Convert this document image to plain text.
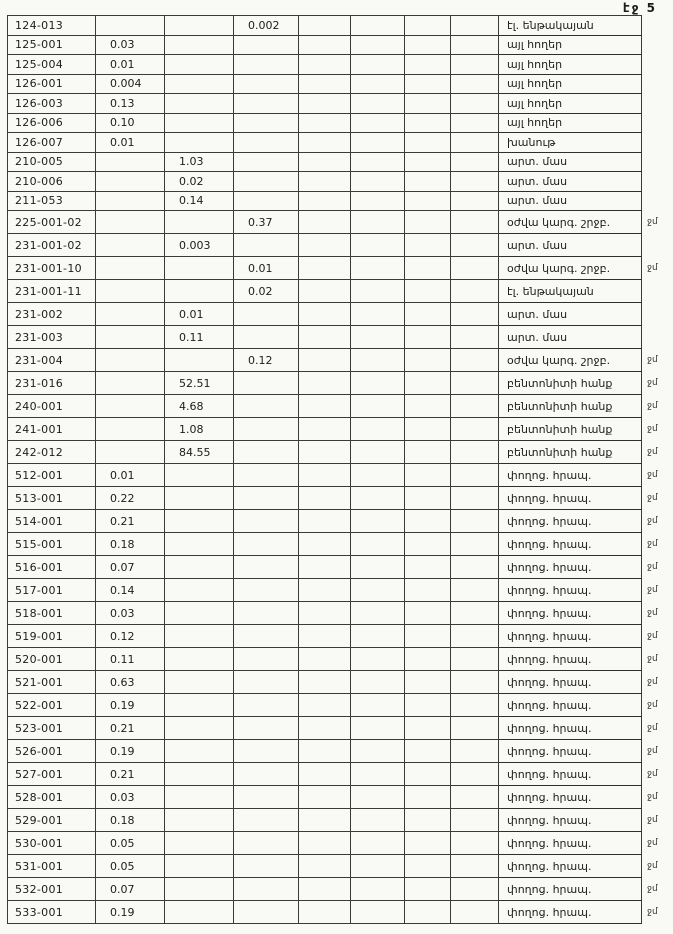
էջ 5
124-013			0.002					էլ. ենթակայան	
125-001	0.03							այլ հողեր	
125-004	0.01							այլ հողեր	
126-001	0.004							այլ հողեր	
126-003	0.13							այլ հողեր	
126-006	0.10							այլ հողեր	
126-007	0.01							խանութ	
210-005		1.03						արտ. մաս	
210-006		0.02						արտ. մաս	
211-053		0.14						արտ. մաս	
225-001-02			0.37					օժվա կարգ. շրջբ.	ջմ
231-001-02		0.003						արտ. մաս	
231-001-10			0.01					օժվա կարգ. շրջբ.	ջմ
231-001-11			0.02					էլ. ենթակայան	
231-002		0.01						արտ. մաս	
231-003		0.11						արտ. մաս	
231-004			0.12					օժվա կարգ. շրջբ.	ջմ
231-016		52.51						բենտոնիտի հանք	ջմ
240-001		4.68						բենտոնիտի հանք	ջմ
241-001		1.08						բենտոնիտի հանք	ջմ
242-012		84.55						բենտոնիտի հանք	ջմ
512-001	0.01							փողոց. հրապ.	ջմ
513-001	0.22							փողոց. հրապ.	ջմ
514-001	0.21							փողոց. հրապ.	ջմ
515-001	0.18							փողոց. հրապ.	ջմ
516-001	0.07							փողոց. հրապ.	ջմ
517-001	0.14							փողոց. հրապ.	ջմ
518-001	0.03							փողոց. հրապ.	ջմ
519-001	0.12							փողոց. հրապ.	ջմ
520-001	0.11							փողոց. հրապ.	ջմ
521-001	0.63							փողոց. հրապ.	ջմ
522-001	0.19							փողոց. հրապ.	ջմ
523-001	0.21							փողոց. հրապ.	ջմ
526-001	0.19							փողոց. հրապ.	ջմ
527-001	0.21							փողոց. հրապ.	ջմ
528-001	0.03							փողոց. հրապ.	ջմ
529-001	0.18							փողոց. հրապ.	ջմ
530-001	0.05							փողոց. հրապ.	ջմ
531-001	0.05							փողոց. հրապ.	ջմ
532-001	0.07							փողոց. հրապ.	ջմ
533-001	0.19							փողոց. հրապ.	ջմ
